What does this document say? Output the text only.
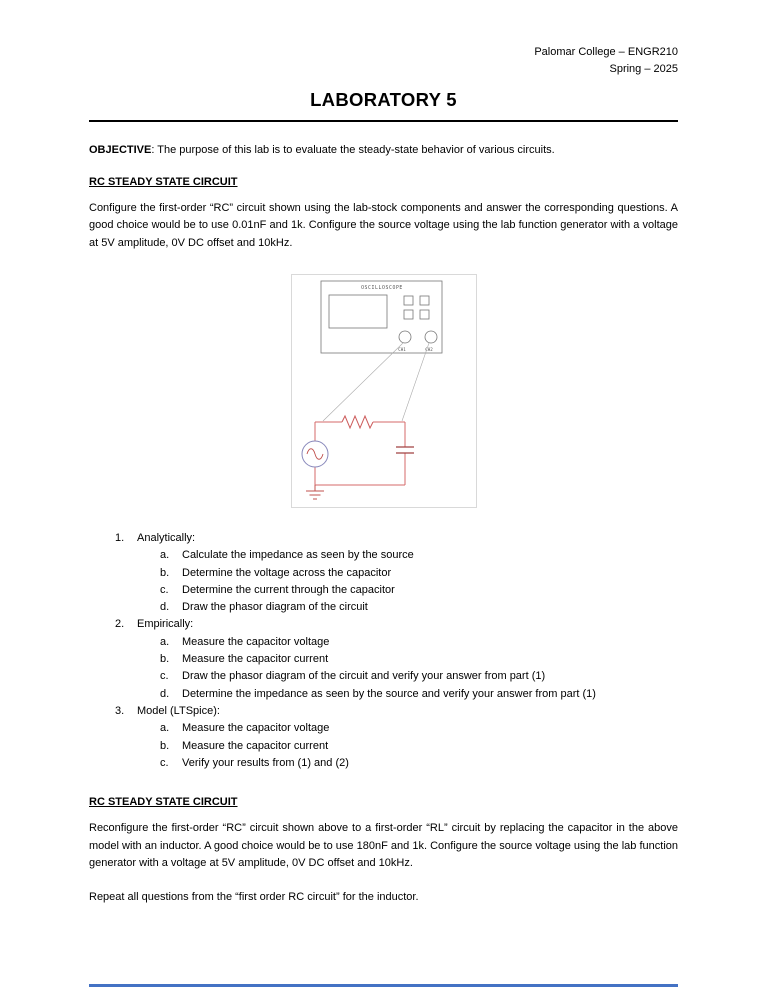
Palomar College – ENGR210
Spring – 2025
LABORATORY 5

OBJECTIVE: The purpose of this lab is to evaluate the steady-state behavior of various circuits.

RC STEADY STATE CIRCUIT

Configure the first-order “RC” circuit shown using the lab-stock components and answer the corresponding questions. A good choice would be to use 0.01nF and 1k. Configure the source voltage using the lab function generator with a voltage at 5V amplitude, 0V DC offset and 10kHz.

OSCILLOSCOPE
CH1	CH2
1.	Analytically:
a.	Calculate the impedance as seen by the source
b.	Determine the voltage across the capacitor
c.	Determine the current through the capacitor
d.	Draw the phasor diagram of the circuit
2.	Empirically:
a.	Measure the capacitor voltage
b.	Measure the capacitor current
c.	Draw the phasor diagram of the circuit and verify your answer from part (1)
d.	Determine the impedance as seen by the source and verify your answer from part (1)
3.	Model (LTSpice):
a.	Measure the capacitor voltage
b.	Measure the capacitor current
c.	Verify your results from (1) and (2)
RC STEADY STATE CIRCUIT

Reconfigure the first-order “RC” circuit shown above to a first-order “RL” circuit by replacing the capacitor in the above model with an inductor. A good choice would be to use 180nF and 1k. Configure the source voltage using the lab function generator with a voltage at 5V amplitude, 0V DC offset and 10kHz.

Repeat all questions from the “first order RC circuit” for the inductor.
